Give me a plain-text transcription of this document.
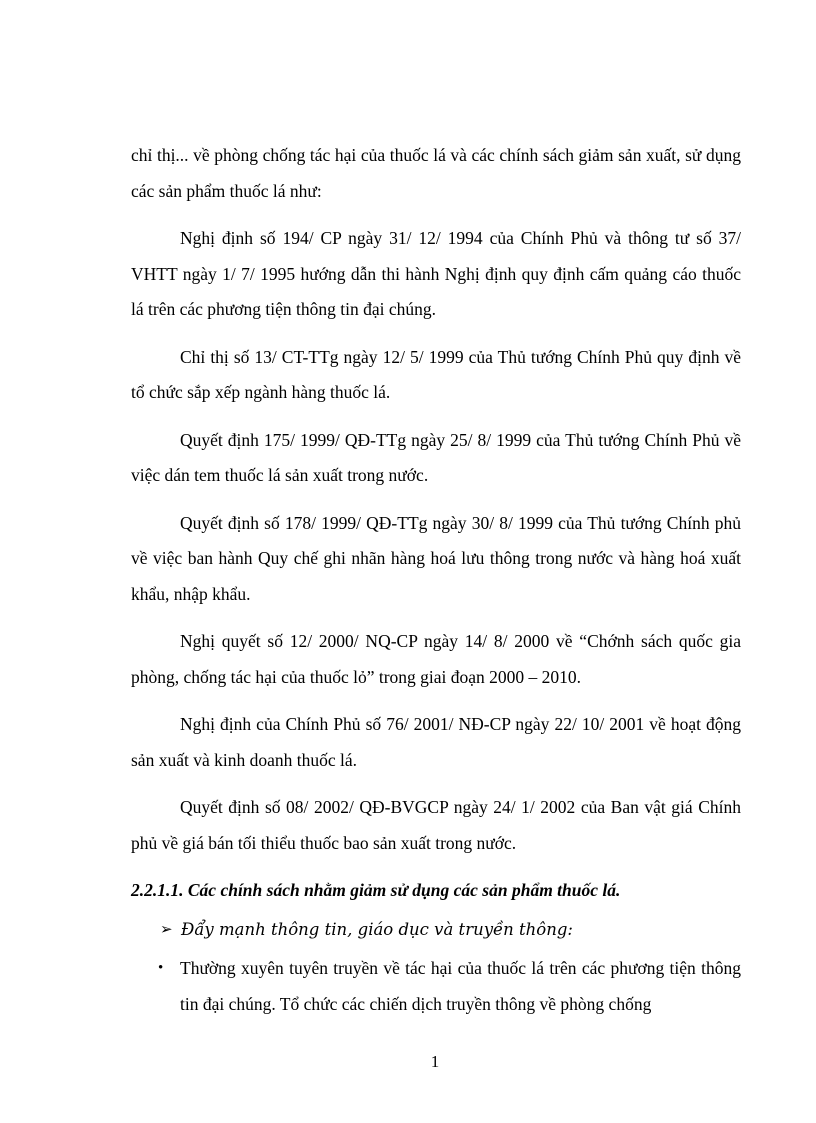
chỉ thị... về phòng chống tác hại của thuốc lá và các chính sách giảm sản xuất, sử dụng các sản phẩm thuốc lá như:

Nghị định số 194/ CP ngày 31/ 12/ 1994 của Chính Phủ và thông tư số 37/ VHTT ngày 1/ 7/ 1995 hướng dẫn thi hành Nghị định quy định cấm quảng cáo thuốc lá trên các phương tiện thông tin đại chúng.

Chỉ thị số 13/ CT-TTg ngày 12/ 5/ 1999 của Thủ tướng Chính Phủ quy định về tổ chức sắp xếp ngành hàng thuốc lá.

Quyết định 175/ 1999/ QĐ-TTg ngày 25/ 8/ 1999 của Thủ tướng Chính Phủ về việc dán tem thuốc lá sản xuất trong nước.

Quyết định số 178/ 1999/ QĐ-TTg ngày 30/ 8/ 1999 của Thủ tướng Chính phủ về việc ban hành Quy chế ghi nhãn hàng hoá lưu thông trong nước và hàng hoá xuất khẩu, nhập khẩu.

Nghị quyết số 12/ 2000/ NQ-CP ngày 14/ 8/ 2000 về “Chớnh sách quốc gia phòng, chống tác hại của thuốc lỏ” trong giai đoạn 2000 – 2010.

Nghị định của Chính Phủ số 76/ 2001/ NĐ-CP ngày 22/ 10/ 2001 về hoạt động sản xuất và kinh doanh thuốc lá.

Quyết định số 08/ 2002/ QĐ-BVGCP ngày 24/ 1/ 2002 của Ban vật giá Chính phủ về giá bán tối thiểu thuốc bao sản xuất trong nước.

2.2.1.1. Các chính sách nhằm giảm sử dụng các sản phẩm thuốc lá.
➢ Đẩy mạnh thông tin, giáo dục và truyền thông:
• Thường xuyên tuyên truyền về tác hại của thuốc lá trên các phương tiện thông tin đại chúng. Tổ chức các chiến dịch truyền thông về phòng chống
1
